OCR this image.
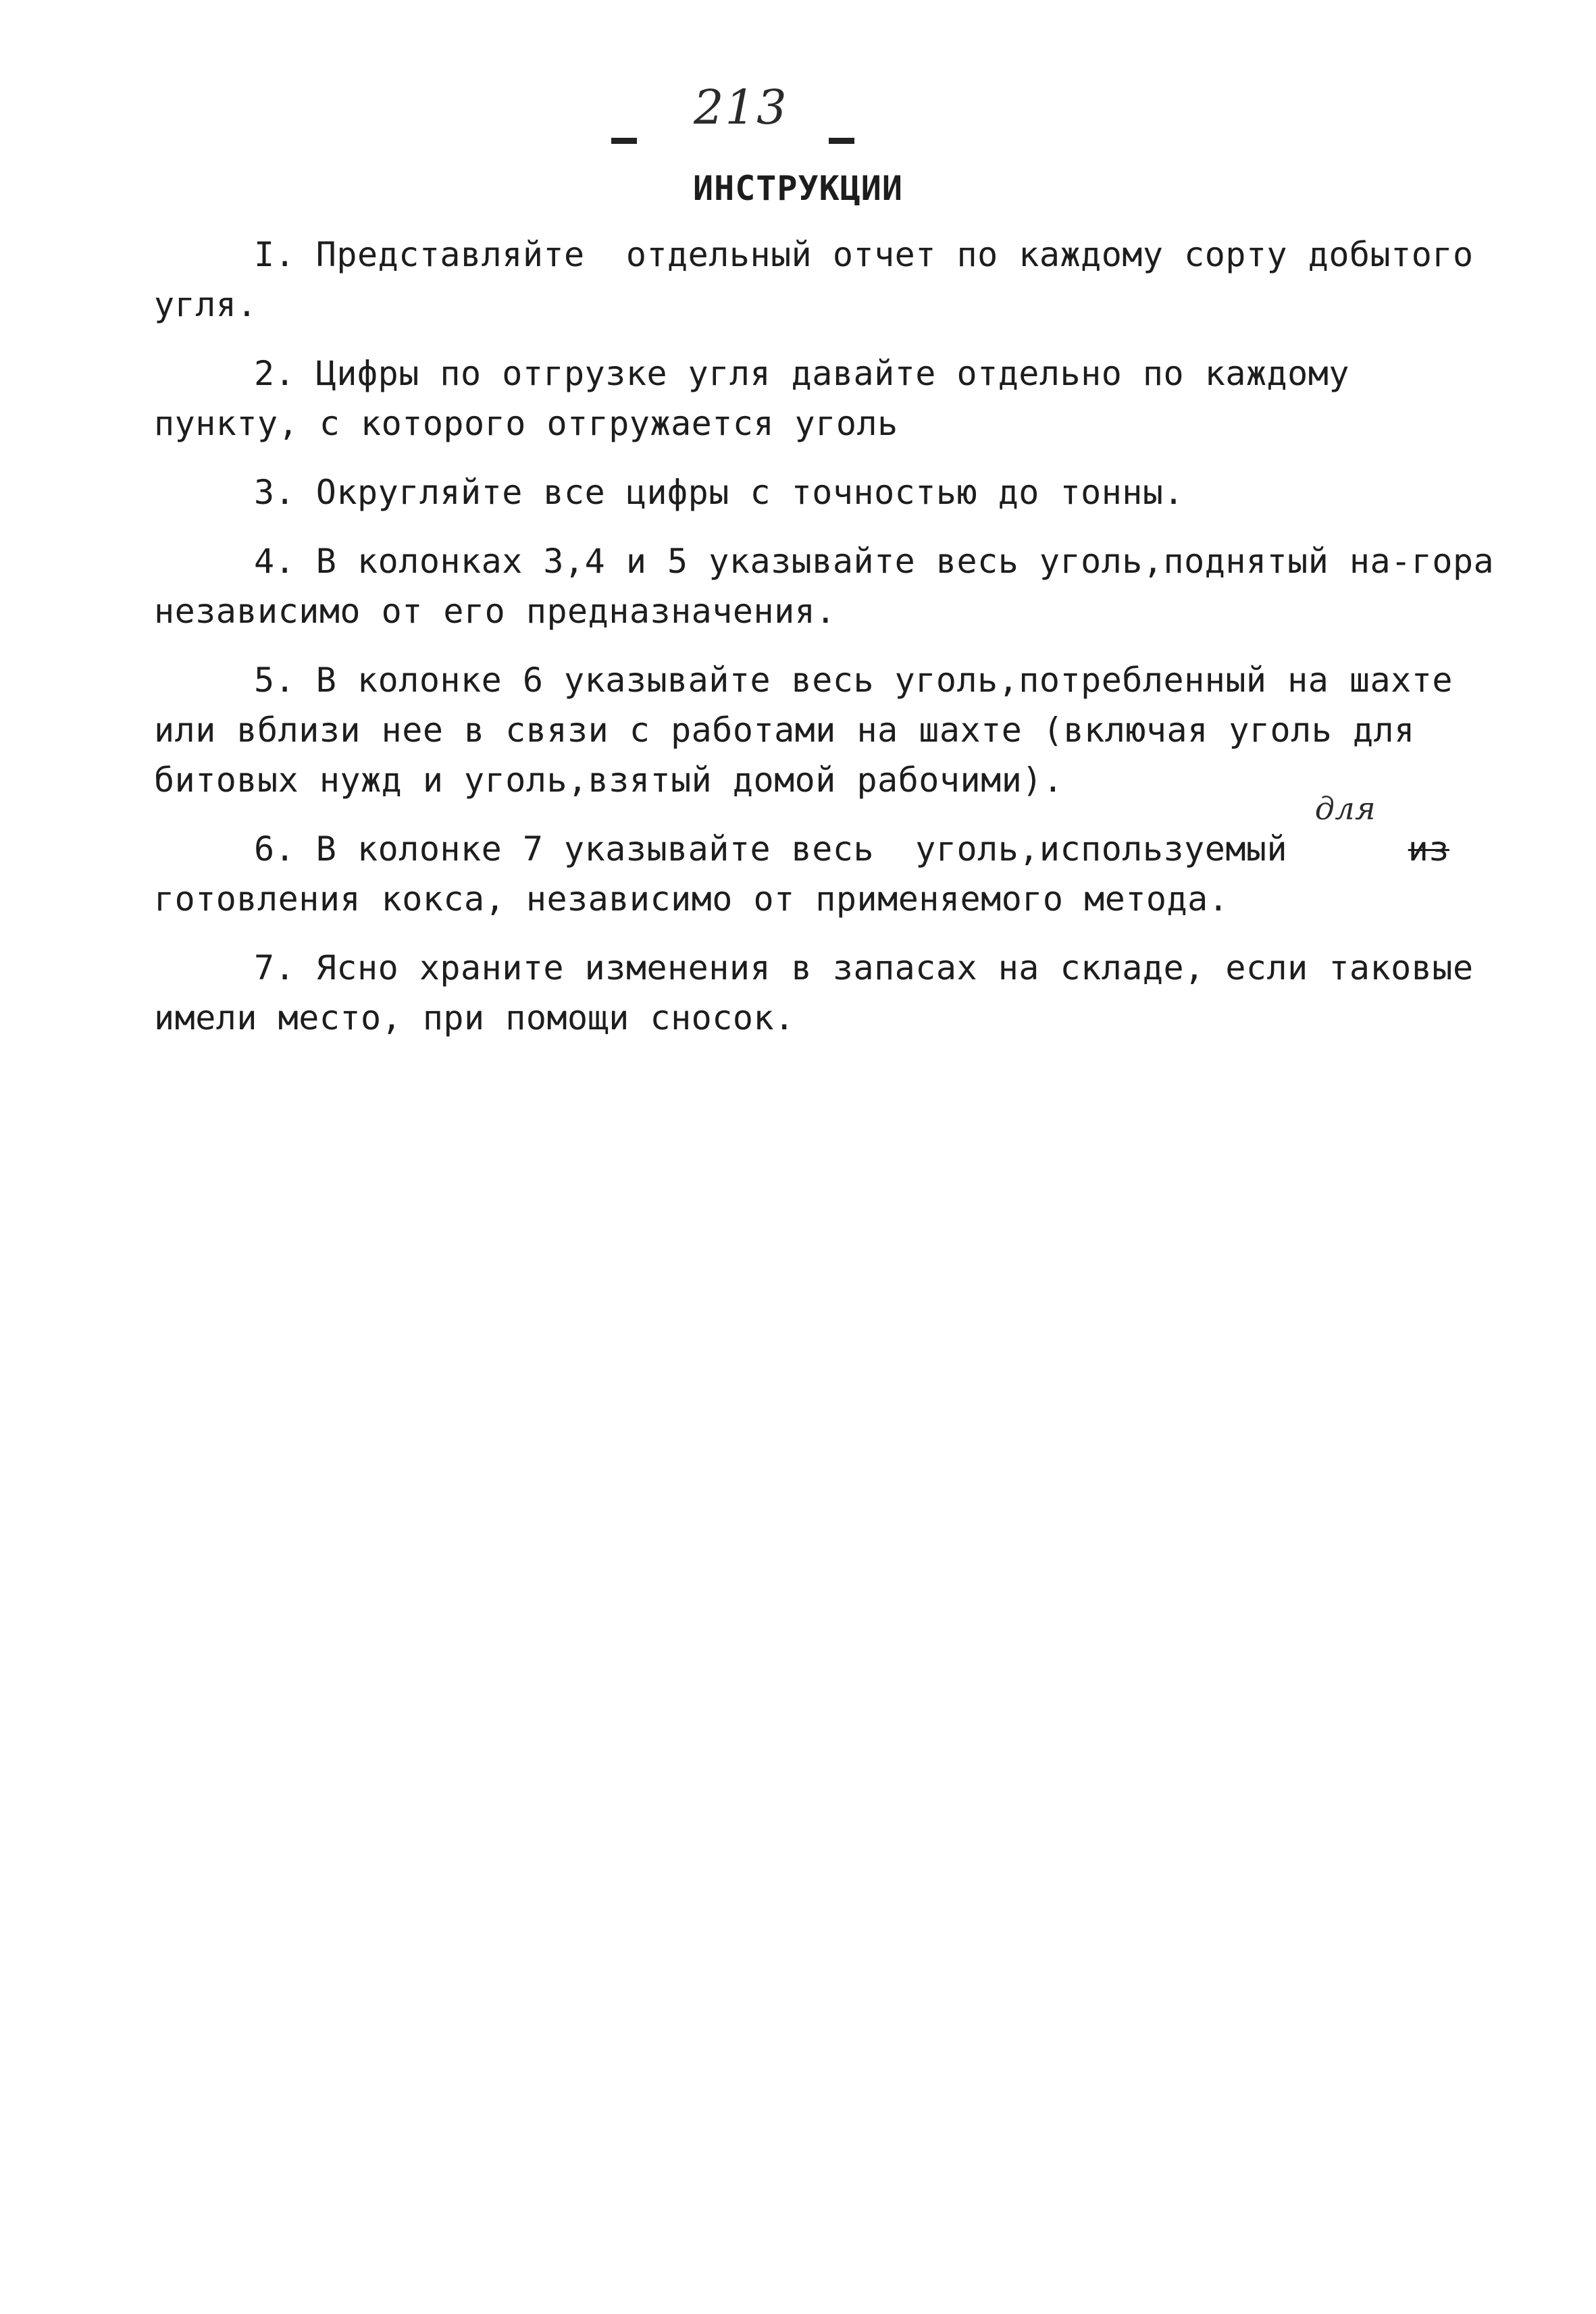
213
ИНСТРУКЦИИ

I. Представляйте  отдельный отчет по каждому сорту добытого угля.

2. Цифры по отгрузке угля давайте отдельно по каждому пункту, с которого отгружается уголь

3. Округляйте все цифры с точностью до тонны.

4. В колонках 3,4 и 5 указывайте весь уголь,поднятый на-гора независимо от его предназначения.

5. В колонке 6 указывайте весь уголь,потребленный на шахте или вблизи нее в связи с работами на шахте (включая уголь для битовых нужд и уголь,взятый домой рабочими).

6. В колонке 7 указывайте весь  уголь,используемый
для
изготовления кокса, независимо от применяемого метода.

7. Ясно храните изменения в запасах на складе, если таковые имели место, при помощи сносок.
